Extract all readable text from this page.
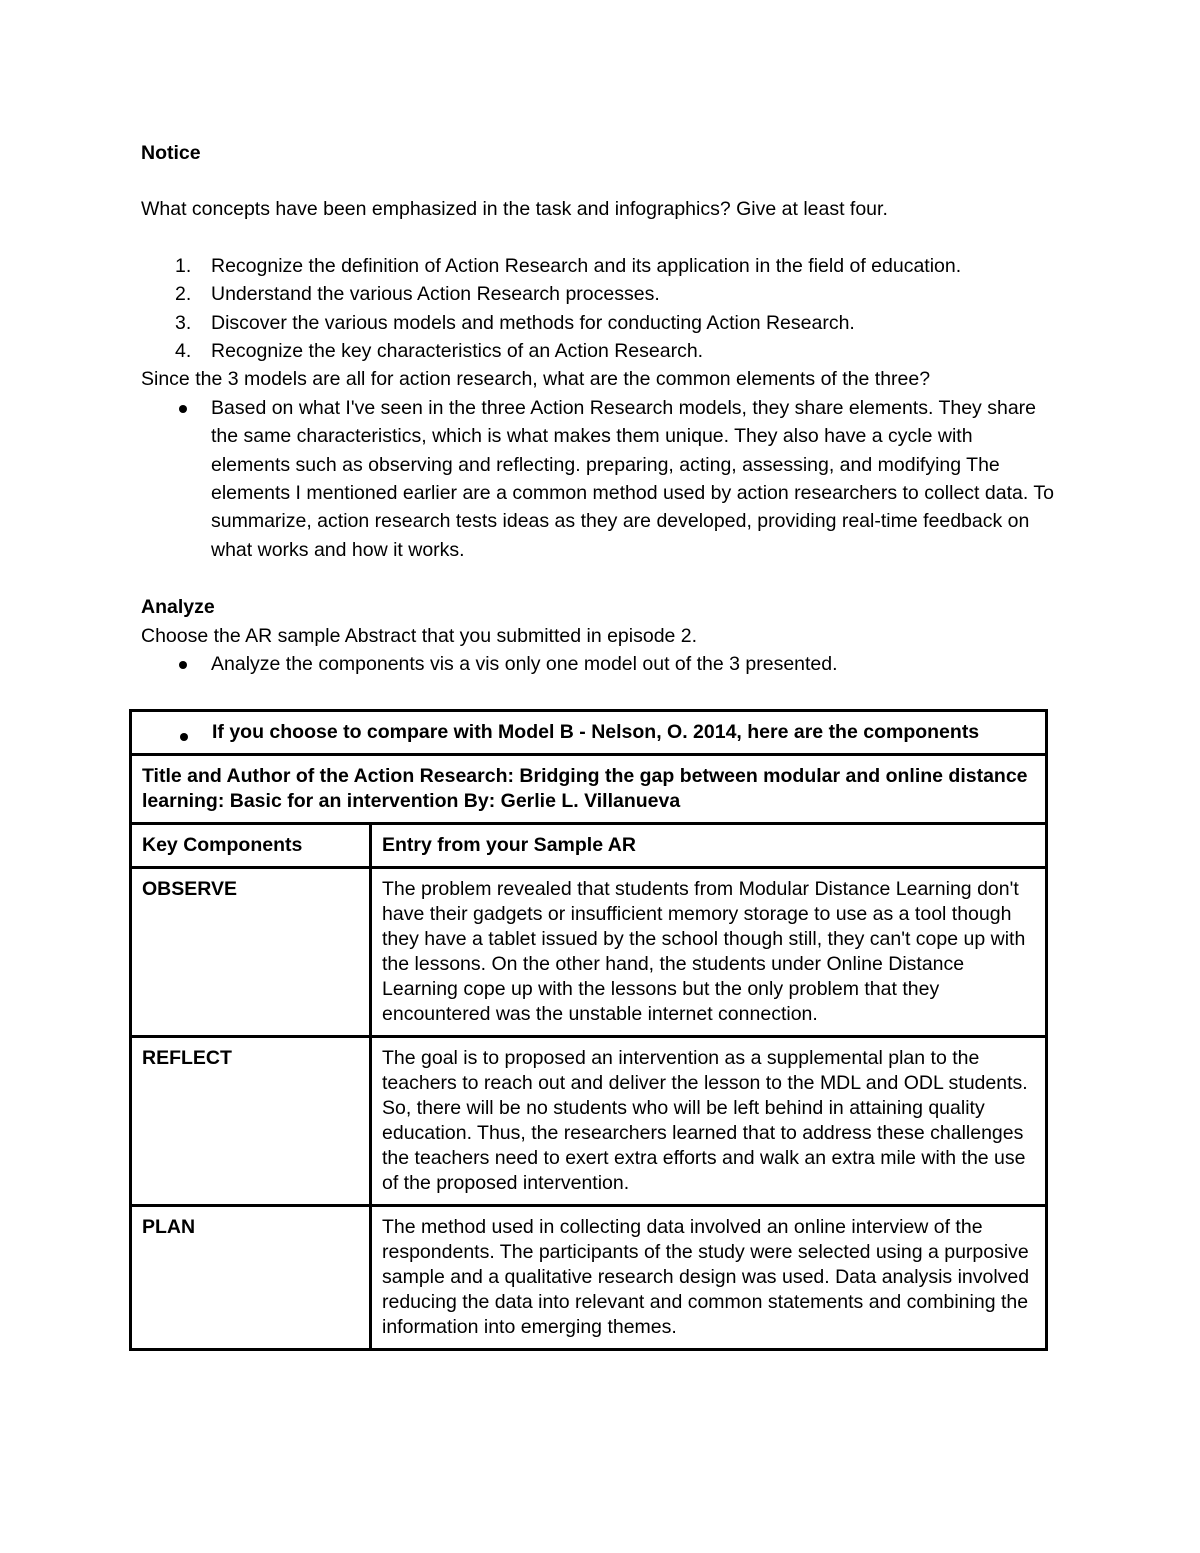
Notice

What concepts have been emphasized in the task and infographics? Give at least four.

1. Recognize the definition of Action Research and its application in the field of education.
2. Understand the various Action Research processes.
3. Discover the various models and methods for conducting Action Research.
4. Recognize the key characteristics of an Action Research.

Since the 3 models are all for action research, what are the common elements of the three?

Based on what I've seen in the three Action Research models, they share elements. They share the same characteristics, which is what makes them unique. They also have a cycle with elements such as observing and reflecting. preparing, acting, assessing, and modifying The elements I mentioned earlier are a common method used by action researchers to collect data. To summarize, action research tests ideas as they are developed, providing real-time feedback on what works and how it works.

Analyze

Choose the AR sample Abstract that you submitted in episode 2.

Analyze the components vis a vis only one model out of the 3 presented.
If you choose to compare with Model B - Nelson, O. 2014, here are the components	

Title and Author of the Action Research: Bridging the gap between modular and online distance learning: Basic for an intervention By: Gerlie L. Villanueva	
Key Components	Entry from your Sample AR
OBSERVE	The problem revealed that students from Modular Distance Learning don't have their gadgets or insufficient memory storage to use as a tool though they have a tablet issued by the school though still, they can't cope up with the lessons. On the other hand, the students under Online Distance Learning cope up with the lessons but the only problem that they encountered was the unstable internet connection.
REFLECT	The goal is to proposed an intervention as a supplemental plan to the teachers to reach out and deliver the lesson to the MDL and ODL students. So, there will be no students who will be left behind in attaining quality education. Thus, the researchers learned that to address these challenges the teachers need to exert extra efforts and walk an extra mile with the use of the proposed intervention.
PLAN	The method used in collecting data involved an online interview of the respondents. The participants of the study were selected using a purposive sample and a qualitative research design was used. Data analysis involved reducing the data into relevant and common statements and combining the information into emerging themes.
